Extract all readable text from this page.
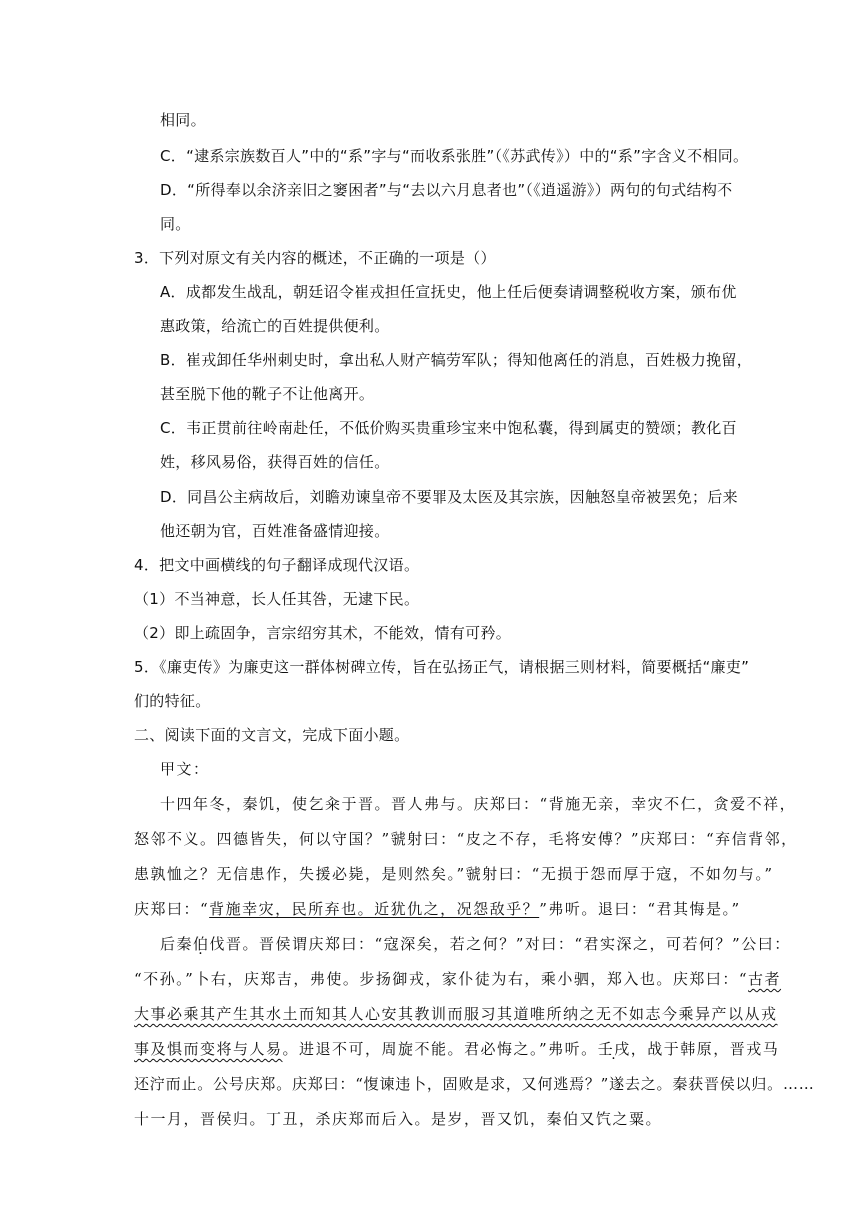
相同。
C．“逮系宗族数百人”中的“系”字与“而收系张胜”（《苏武传》）中的“系”字含义不相同。
D．“所得奉以余济亲旧之窭困者”与“去以六月息者也”（《逍遥游》）两句的句式结构不
同。
3．下列对原文有关内容的概述，不正确的一项是（）
A．成都发生战乱，朝廷诏令崔戎担任宣抚史，他上任后便奏请调整税收方案，颁布优
惠政策，给流亡的百姓提供便利。
B．崔戎卸任华州刺史时，拿出私人财产犒劳军队；得知他离任的消息，百姓极力挽留，
甚至脱下他的靴子不让他离开。
C．韦正贯前往岭南赴任，不低价购买贵重珍宝来中饱私囊，得到属吏的赞颂；教化百
姓，移风易俗，获得百姓的信任。
D．同昌公主病故后，刘瞻劝谏皇帝不要罪及太医及其宗族，因触怒皇帝被罢免；后来
他还朝为官，百姓准备盛情迎接。
4．把文中画横线的句子翻译成现代汉语。
（1）不当神意，长人任其咎，无逮下民。
（2）即上疏固争，言宗绍穷其术，不能效，情有可矜。
5．《廉吏传》为廉吏这一群体树碑立传，旨在弘扬正气，请根据三则材料，简要概括“廉吏”
们的特征。
二、阅读下面的文言文，完成下面小题。
甲文：
十四年冬，秦饥，使乞籴于晋。晋人弗与。庆郑曰：“背施无亲，幸灾不仁，贪爱不祥，
怒邻不义。四德皆失，何以守国？”虢射曰：“皮之不存，毛将安傅？”庆郑曰：“弃信背邻，
患孰恤之？无信患作，失援必毙，是则然矣。”虢射曰：“无损于怨而厚于寇，不如勿与。”
庆郑曰：“背施幸灾，民所弃也。近犹仇之，况怨敌乎？”弗听。退曰：“君其悔是。”
后秦伯伐晋。晋侯谓庆郑曰：“寇深矣，若之何？”对曰：“君实深之，可若何？”公曰：
“不孙。”卜右，庆郑吉，弗使。步扬御戎，家仆徒为右，乘小驷，郑入也。庆郑曰：“古者
大事必乘其产生其水土而知其人心安其教训而服习其道唯所纳之无不如志今乘异产以从戎
事及惧而变将与人易。进退不可，周旋不能。君必悔之。”弗听。壬戌，战于韩原，晋戎马
还泞而止。公号庆郑。庆郑曰：“愎谏违卜，固败是求，又何逃焉？”遂去之。秦获晋侯以归。……
十一月，晋侯归。丁丑，杀庆郑而后入。是岁，晋又饥，秦伯又饩之粟。
